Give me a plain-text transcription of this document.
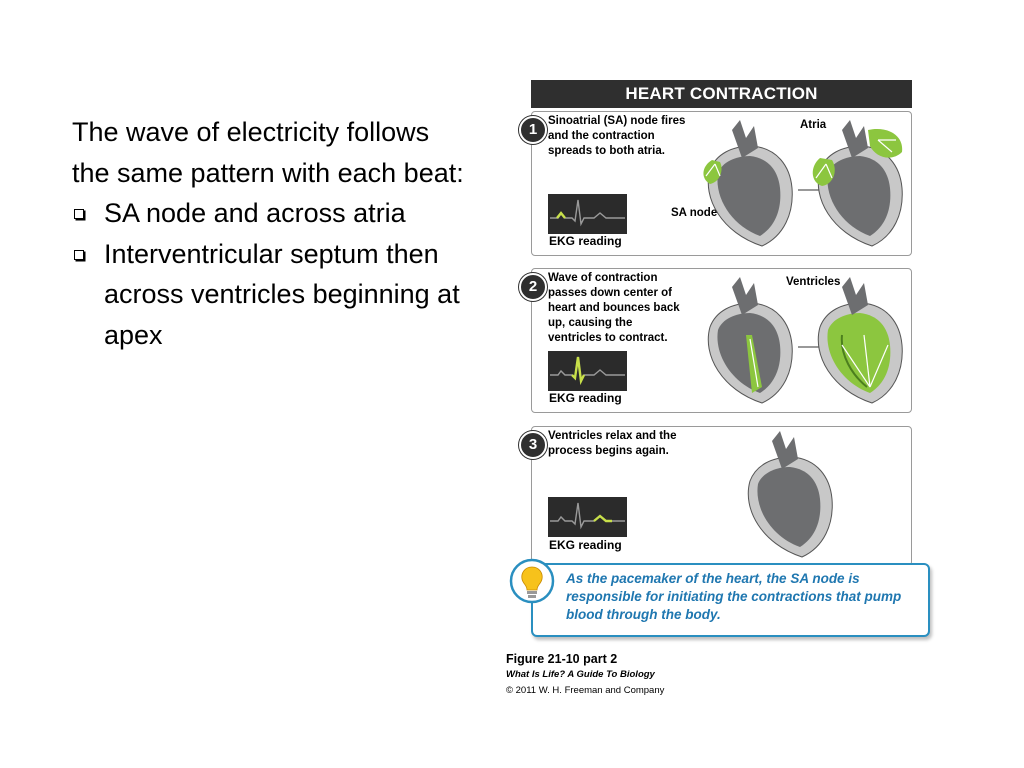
The wave of electricity follows the same pattern with each beat:

SA node and across atria
Interventricular septum then across ventricles beginning at apex
HEART CONTRACTION
1 Sinoatrial (SA) node fires and the contraction spreads to both atria.
EKG reading
Atria
SA node
2 Wave of contraction passes down center of heart and bounces back up, causing the ventricles to contract.
EKG reading
Ventricles
3 Ventricles relax and the process begins again.
EKG reading
As the pacemaker of the heart, the SA node is responsible for initiating the contractions that pump blood through the body.
Figure 21-10 part 2
What Is Life? A Guide To Biology
© 2011 W. H. Freeman and Company
